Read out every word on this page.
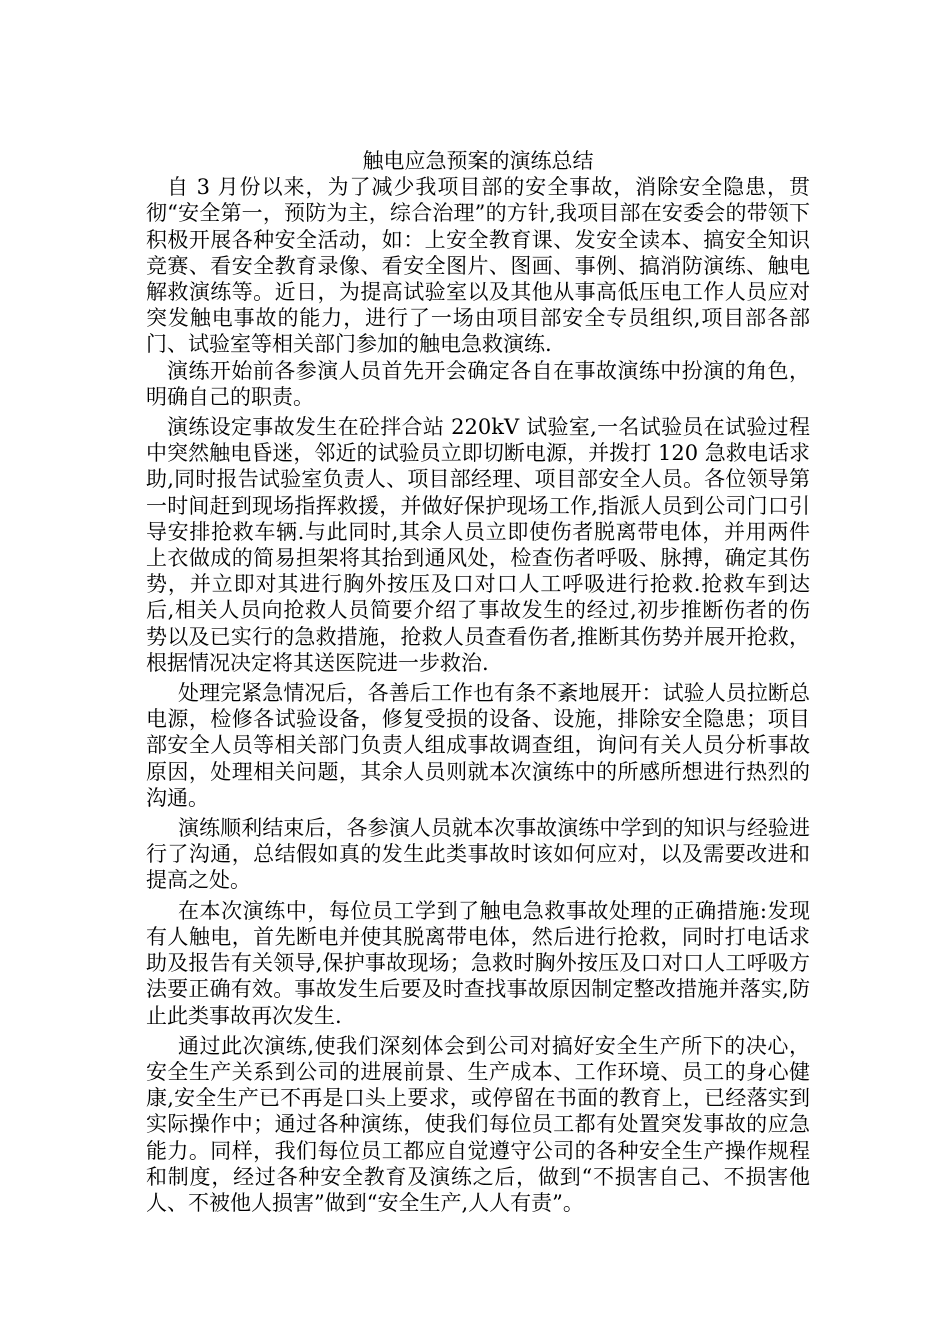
触电应急预案的演练总结

自 3 月份以来，为了减少我项目部的安全事故，消除安全隐患，贯彻“安全第一，预防为主，综合治理”的方针,我项目部在安委会的带领下积极开展各种安全活动，如：上安全教育课、发安全读本、搞安全知识竞赛、看安全教育录像、看安全图片、图画、事例、搞消防演练、触电解救演练等。近日，为提高试验室以及其他从事高低压电工作人员应对突发触电事故的能力，进行了一场由项目部安全专员组织,项目部各部门、试验室等相关部门参加的触电急救演练.

演练开始前各参演人员首先开会确定各自在事故演练中扮演的角色，明确自己的职责。

演练设定事故发生在砼拌合站 220kV 试验室,一名试验员在试验过程中突然触电昏迷，邻近的试验员立即切断电源，并拨打 120 急救电话求助,同时报告试验室负责人、项目部经理、项目部安全人员。各位领导第一时间赶到现场指挥救援，并做好保护现场工作,指派人员到公司门口引导安排抢救车辆.与此同时,其余人员立即使伤者脱离带电体，并用两件上衣做成的简易担架将其抬到通风处，检查伤者呼吸、脉搏，确定其伤势，并立即对其进行胸外按压及口对口人工呼吸进行抢救.抢救车到达后,相关人员向抢救人员简要介绍了事故发生的经过,初步推断伤者的伤势以及已实行的急救措施，抢救人员查看伤者,推断其伤势并展开抢救，根据情况决定将其送医院进一步救治.

处理完紧急情况后，各善后工作也有条不紊地展开：试验人员拉断总电源，检修各试验设备，修复受损的设备、设施，排除安全隐患；项目部安全人员等相关部门负责人组成事故调查组，询问有关人员分析事故原因，处理相关问题，其余人员则就本次演练中的所感所想进行热烈的沟通。

演练顺利结束后，各参演人员就本次事故演练中学到的知识与经验进行了沟通，总结假如真的发生此类事故时该如何应对，以及需要改进和提高之处。

在本次演练中，每位员工学到了触电急救事故处理的正确措施:发现有人触电，首先断电并使其脱离带电体，然后进行抢救，同时打电话求助及报告有关领导,保护事故现场；急救时胸外按压及口对口人工呼吸方法要正确有效。事故发生后要及时查找事故原因制定整改措施并落实,防止此类事故再次发生.

通过此次演练,使我们深刻体会到公司对搞好安全生产所下的决心，安全生产关系到公司的进展前景、生产成本、工作环境、员工的身心健康,安全生产已不再是口头上要求，或停留在书面的教育上，已经落实到实际操作中；通过各种演练，使我们每位员工都有处置突发事故的应急能力。同样，我们每位员工都应自觉遵守公司的各种安全生产操作规程和制度，经过各种安全教育及演练之后，做到“不损害自己、不损害他人、不被他人损害”做到“安全生产,人人有责”。
